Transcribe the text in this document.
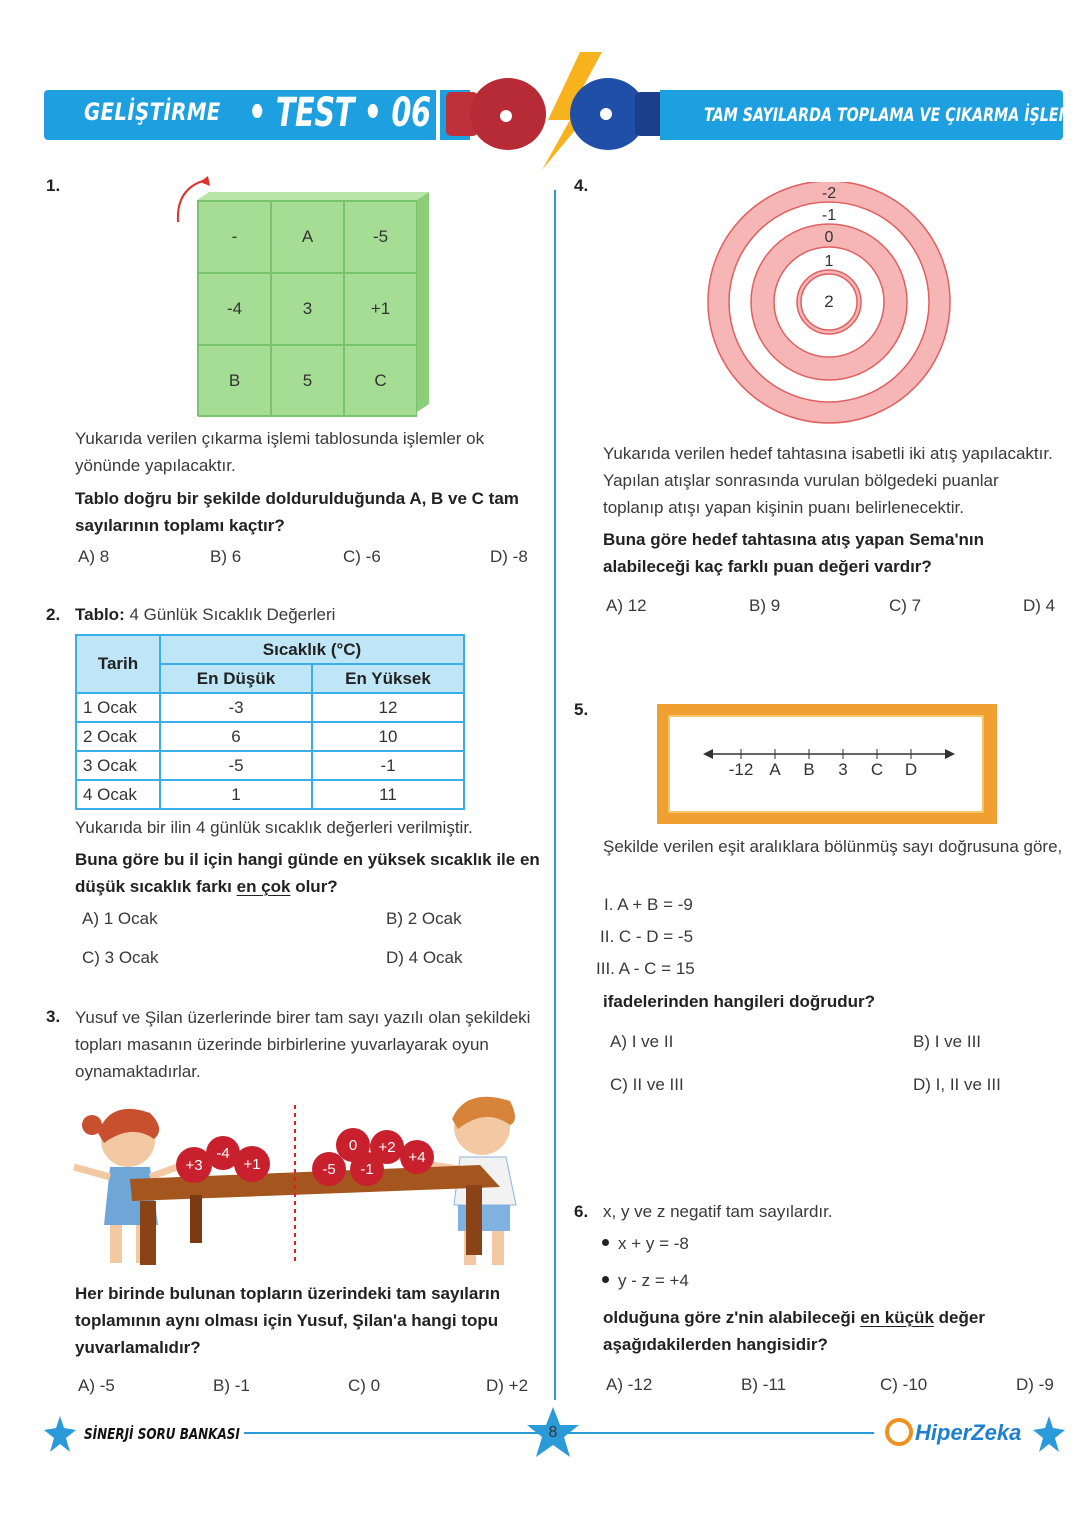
GELİŞTİRME • TEST • 06	TAM SAYILARDA TOPLAMA VE ÇIKARMA İŞLEMİ
1.
-	A	-5
-4	3	+1
B	5	C
Yukarıda verilen çıkarma işlemi tablosunda işlemler ok yönünde yapılacaktır.
Tablo doğru bir şekilde doldurulduğunda A, B ve C tam sayılarının toplamı kaçtır?
A) 8	B) 6	C) -6	D) -8
2. Tablo: 4 Günlük Sıcaklık Değerleri
Tarih	Sıcaklık (°C)	
	En Düşük	En Yüksek
1 Ocak	-3	12
2 Ocak	6	10
3 Ocak	-5	-1
4 Ocak	1	11
Yukarıda bir ilin 4 günlük sıcaklık değerleri verilmiştir.
Buna göre bu il için hangi günde en yüksek sıcaklık ile en düşük sıcaklık farkı en çok olur?
A) 1 Ocak	B) 2 Ocak
C) 3 Ocak	D) 4 Ocak
3. Yusuf ve Şilan üzerlerinde birer tam sayı yazılı olan şekildeki topları masanın üzerinde birbirlerine yuvarlayarak oyun oynamaktadırlar.
+3
-4
+1	-5
0
-1
+2
+4
Her birinde bulunan topların üzerindeki tam sayıların toplamının aynı olması için Yusuf, Şilan'a hangi topu yuvarlamalıdır?
A) -5	B) -1	C) 0	D) +2
4.	-2
-1
0
1
2
Yukarıda verilen hedef tahtasına isabetli iki atış yapılacaktır. Yapılan atışlar sonrasında vurulan bölgedeki puanlar toplanıp atışı yapan kişinin puanı belirlenecektir.
Buna göre hedef tahtasına atış yapan Sema'nın alabileceği kaç farklı puan değeri vardır?
A) 12	B) 9	C) 7	D) 4
5.
-12 A	B	3	C	D
Şekilde verilen eşit aralıklara bölünmüş sayı doğrusuna göre,
I. A + B = -9
II. C - D = -5
III. A - C = 15
ifadelerinden hangileri doğrudur?
A) I ve II	B) I ve III
C) II ve III	D) I, II ve III
6. x, y ve z negatif tam sayılardır.
x + y = -8
y - z = +4
olduğuna göre z'nin alabileceği en küçük değer aşağıdakilerden hangisidir?
A) -12	B) -11	C) -10	D) -9
SİNERJİ SORU BANKASI	8	HiperZeka
